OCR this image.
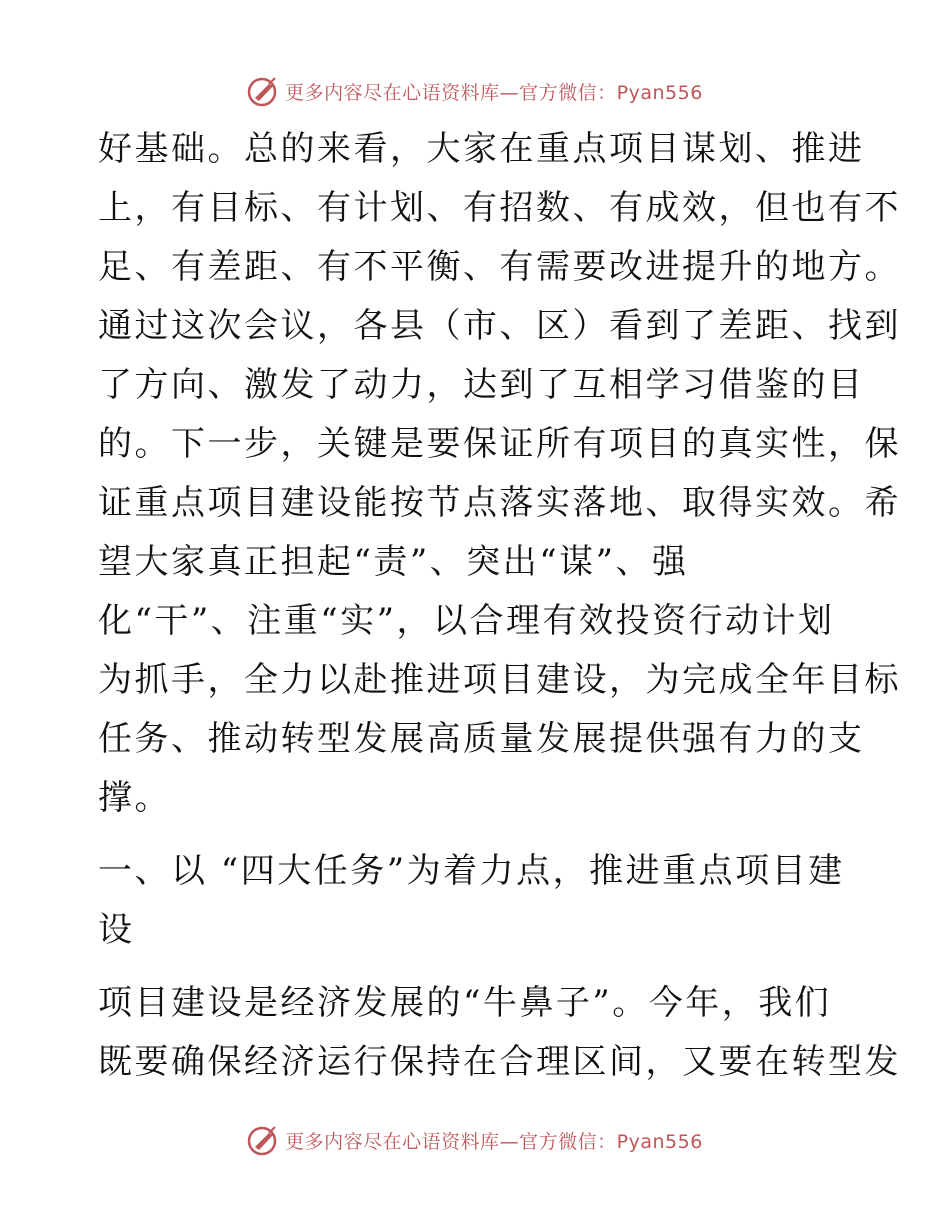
更多内容尽在心语资料库—官方微信：Pyan556
好基础。总的来看，大家在重点项目谋划、推进
上，有目标、有计划、有招数、有成效，但也有不
足、有差距、有不平衡、有需要改进提升的地方。
通过这次会议，各县（市、区）看到了差距、找到
了方向、激发了动力，达到了互相学习借鉴的目
的。下一步，关键是要保证所有项目的真实性，保
证重点项目建设能按节点落实落地、取得实效。希
望大家真正担起“责”、突出“谋”、强
化“干”、注重“实”，以合理有效投资行动计划
为抓手，全力以赴推进项目建设，为完成全年目标
任务、推动转型发展高质量发展提供强有力的支
撑。
一、以 “四大任务”为着力点，推进重点项目建
设
项目建设是经济发展的“牛鼻子”。今年，我们
既要确保经济运行保持在合理区间，又要在转型发
更多内容尽在心语资料库—官方微信：Pyan556
